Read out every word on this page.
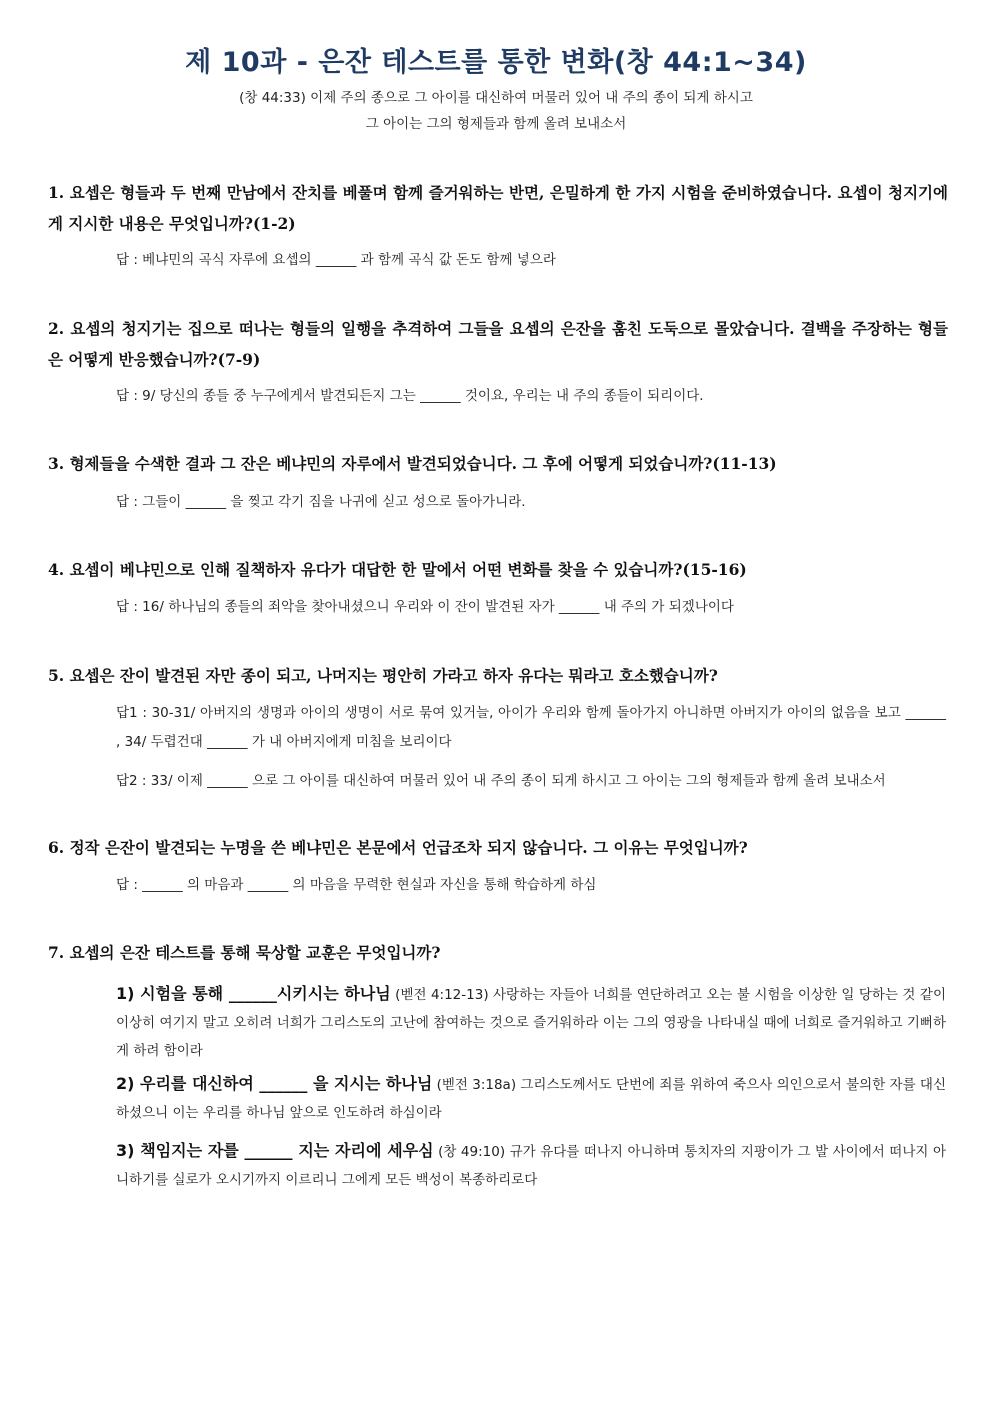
제 10과 - 은잔 테스트를 통한 변화(창 44:1~34)
(창 44:33) 이제 주의 종으로 그 아이를 대신하여 머물러 있어 내 주의 종이 되게 하시고
그 아이는 그의 형제들과 함께 올려 보내소서
1. 요셉은 형들과 두 번째 만남에서 잔치를 베풀며 함께 즐거워하는 반면, 은밀하게 한 가지 시험을 준비하였습니다. 요셉이 청지기에게 지시한 내용은 무엇입니까?(1-2)
답 : 베냐민의 곡식 자루에 요셉의 ______ 과 함께 곡식 값 돈도 함께 넣으라
2. 요셉의 청지기는 집으로 떠나는 형들의 일행을 추격하여 그들을 요셉의 은잔을 훔친 도둑으로 몰았습니다. 결백을 주장하는 형들은 어떻게 반응했습니까?(7-9)
답 : 9/ 당신의 종들 중 누구에게서 발견되든지 그는 ______ 것이요, 우리는 내 주의 종들이 되리이다.
3. 형제들을 수색한 결과 그 잔은 베냐민의 자루에서 발견되었습니다. 그 후에 어떻게 되었습니까?(11-13)
답 : 그들이 ______ 을 찢고 각기 짐을 나귀에 싣고 성으로 돌아가니라.
4. 요셉이 베냐민으로 인해 질책하자 유다가 대답한 한 말에서 어떤 변화를 찾을 수 있습니까?(15-16)
답 : 16/ 하나님의 종들의 죄악을 찾아내셨으니 우리와 이 잔이 발견된 자가 ______ 내 주의 가 되겠나이다
5. 요셉은 잔이 발견된 자만 종이 되고, 나머지는 평안히 가라고 하자 유다는 뭐라고 호소했습니까?
답1 : 30-31/ 아버지의 생명과 아이의 생명이 서로 묶여 있거늘, 아이가 우리와 함께 돌아가지 아니하면 아버지가 아이의 없음을 보고 ______ , 34/ 두렵건대 ______ 가 내 아버지에게 미침을 보리이다
답2 : 33/ 이제 ______ 으로 그 아이를 대신하여 머물러 있어 내 주의 종이 되게 하시고 그 아이는 그의 형제들과 함께 올려 보내소서
6. 정작 은잔이 발견되는 누명을 쓴 베냐민은 본문에서 언급조차 되지 않습니다. 그 이유는 무엇입니까?
답 : ______ 의 마음과 ______ 의 마음을 무력한 현실과 자신을 통해 학습하게 하심
7. 요셉의 은잔 테스트를 통해 묵상할 교훈은 무엇입니까?
1) 시험을 통해 ______시키시는 하나님 (벧전 4:12-13) 사랑하는 자들아 너희를 연단하려고 오는 불 시험을 이상한 일 당하는 것 같이 이상히 여기지 말고 오히려 너희가 그리스도의 고난에 참여하는 것으로 즐거워하라 이는 그의 영광을 나타내실 때에 너희로 즐거워하고 기뻐하게 하려 함이라
2) 우리를 대신하여 ______ 을 지시는 하나님 (벧전 3:18a) 그리스도께서도 단번에 죄를 위하여 죽으사 의인으로서 불의한 자를 대신하셨으니 이는 우리를 하나님 앞으로 인도하려 하심이라
3) 책임지는 자를 ______ 지는 자리에 세우심 (창 49:10) 규가 유다를 떠나지 아니하며 통치자의 지팡이가 그 발 사이에서 떠나지 아니하기를 실로가 오시기까지 이르리니 그에게 모든 백성이 복종하리로다
